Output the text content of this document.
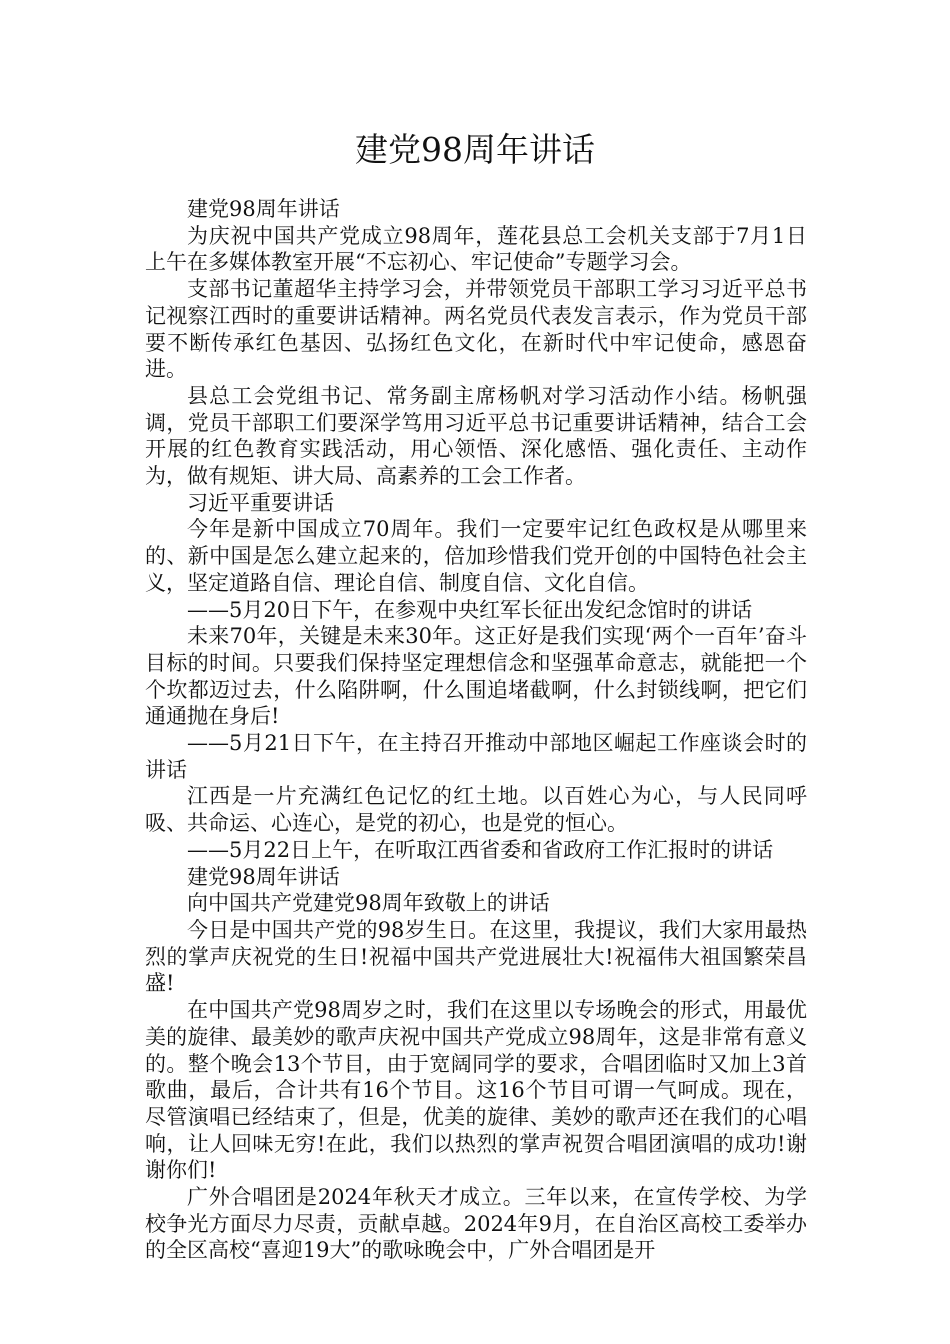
建党98周年讲话

建党98周年讲话

为庆祝中国共产党成立98周年，莲花县总工会机关支部于7月1日上午在多媒体教室开展“不忘初心、牢记使命”专题学习会。

支部书记董超华主持学习会，并带领党员干部职工学习习近平总书记视察江西时的重要讲话精神。两名党员代表发言表示，作为党员干部要不断传承红色基因、弘扬红色文化，在新时代中牢记使命，感恩奋进。

县总工会党组书记、常务副主席杨帆对学习活动作小结。杨帆强调，党员干部职工们要深学笃用习近平总书记重要讲话精神，结合工会开展的红色教育实践活动，用心领悟、深化感悟、强化责任、主动作为，做有规矩、讲大局、高素养的工会工作者。

习近平重要讲话

今年是新中国成立70周年。我们一定要牢记红色政权是从哪里来的、新中国是怎么建立起来的，倍加珍惜我们党开创的中国特色社会主义，坚定道路自信、理论自信、制度自信、文化自信。

——5月20日下午，在参观中央红军长征出发纪念馆时的讲话

未来70年，关键是未来30年。这正好是我们实现‘两个一百年’奋斗目标的时间。只要我们保持坚定理想信念和坚强革命意志，就能把一个个坎都迈过去，什么陷阱啊，什么围追堵截啊，什么封锁线啊，把它们通通抛在身后!

——5月21日下午，在主持召开推动中部地区崛起工作座谈会时的讲话

江西是一片充满红色记忆的红土地。以百姓心为心，与人民同呼吸、共命运、心连心，是党的初心，也是党的恒心。

——5月22日上午，在听取江西省委和省政府工作汇报时的讲话

建党98周年讲话

向中国共产党建党98周年致敬上的讲话

今日是中国共产党的98岁生日。在这里，我提议，我们大家用最热烈的掌声庆祝党的生日!祝福中国共产党进展壮大!祝福伟大祖国繁荣昌盛!

在中国共产党98周岁之时，我们在这里以专场晚会的形式，用最优美的旋律、最美妙的歌声庆祝中国共产党成立98周年，这是非常有意义的。整个晚会13个节目，由于宽阔同学的要求，合唱团临时又加上3首歌曲，最后，合计共有16个节目。这16个节目可谓一气呵成。现在，尽管演唱已经结束了，但是，优美的旋律、美妙的歌声还在我们的心唱响，让人回味无穷!在此，我们以热烈的掌声祝贺合唱团演唱的成功!谢谢你们!

广外合唱团是2024年秋天才成立。三年以来，在宣传学校、为学校争光方面尽力尽责，贡献卓越。2024年9月，在自治区高校工委举办的全区高校“喜迎19大”的歌咏晚会中，广外合唱团是开
